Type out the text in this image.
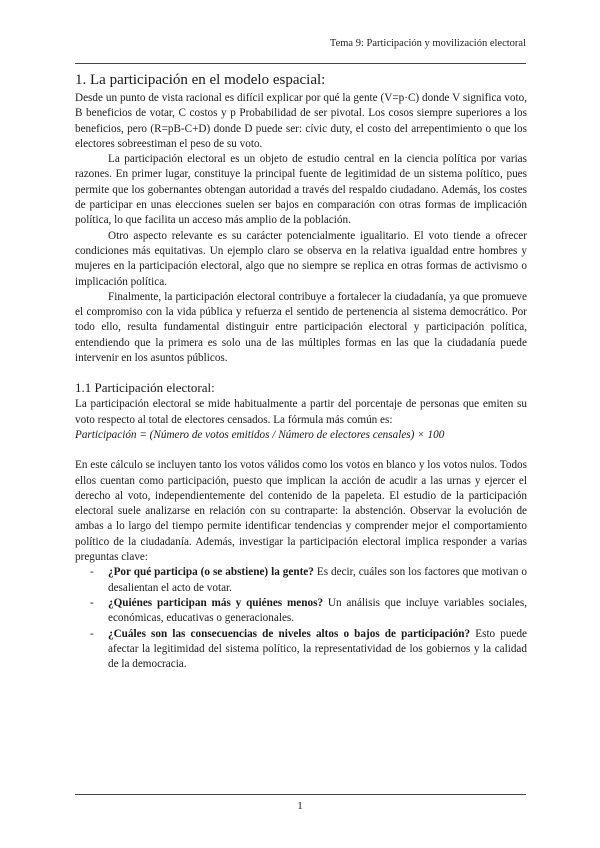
Tema 9: Participación y movilización electoral
1. La participación en el modelo espacial:

Desde un punto de vista racional es difícil explicar por qué la gente (V=p·C) donde V significa voto, B beneficios de votar, C costos y p Probabilidad de ser pivotal. Los cosos siempre superiores a los beneficios, pero (R=pB-C+D) donde D puede ser: cívic duty, el costo del arrepentimiento o que los electores sobreestiman el peso de su voto.

La participación electoral es un objeto de estudio central en la ciencia política por varias razones. En primer lugar, constituye la principal fuente de legitimidad de un sistema político, pues permite que los gobernantes obtengan autoridad a través del respaldo ciudadano. Además, los costes de participar en unas elecciones suelen ser bajos en comparación con otras formas de implicación política, lo que facilita un acceso más amplio de la población.

Otro aspecto relevante es su carácter potencialmente igualitario. El voto tiende a ofrecer condiciones más equitativas. Un ejemplo claro se observa en la relativa igualdad entre hombres y mujeres en la participación electoral, algo que no siempre se replica en otras formas de activismo o implicación política.

Finalmente, la participación electoral contribuye a fortalecer la ciudadanía, ya que promueve el compromiso con la vida pública y refuerza el sentido de pertenencia al sistema democrático. Por todo ello, resulta fundamental distinguir entre participación electoral y participación política, entendiendo que la primera es solo una de las múltiples formas en las que la ciudadanía puede intervenir en los asuntos públicos.

1.1 Participación electoral:

La participación electoral se mide habitualmente a partir del porcentaje de personas que emiten su voto respecto al total de electores censados. La fórmula más común es:

Participación = (Número de votos emitidos / Número de electores censales) × 100

En este cálculo se incluyen tanto los votos válidos como los votos en blanco y los votos nulos. Todos ellos cuentan como participación, puesto que implican la acción de acudir a las urnas y ejercer el derecho al voto, independientemente del contenido de la papeleta. El estudio de la participación electoral suele analizarse en relación con su contraparte: la abstención. Observar la evolución de ambas a lo largo del tiempo permite identificar tendencias y comprender mejor el comportamiento político de la ciudadanía. Además, investigar la participación electoral implica responder a varias preguntas clave:

- ¿Por qué participa (o se abstiene) la gente? Es decir, cuáles son los factores que motivan o desalientan el acto de votar.
- ¿Quiénes participan más y quiénes menos? Un análisis que incluye variables sociales, económicas, educativas o generacionales.
- ¿Cuáles son las consecuencias de niveles altos o bajos de participación? Esto puede afectar la legitimidad del sistema político, la representatividad de los gobiernos y la calidad de la democracia.
1
